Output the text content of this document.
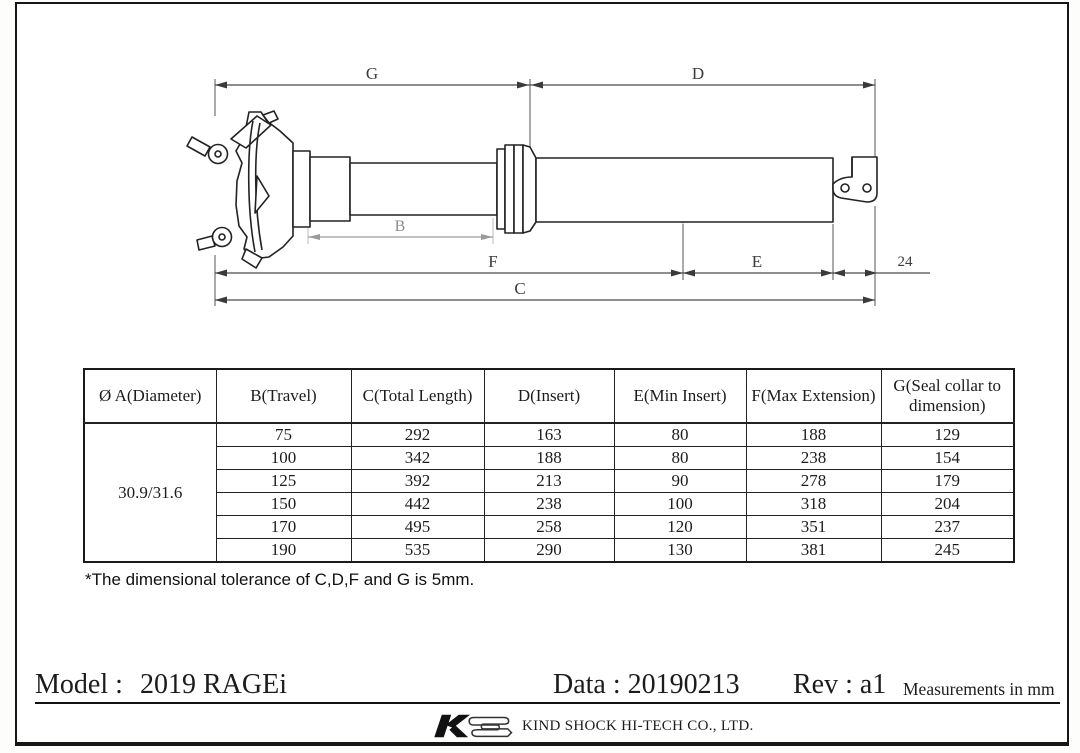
G	D
B
F	E	24
C
Ø A(Diameter)	B(Travel)	C(Total Length)	D(Insert)	E(Min Insert)	F(Max Extension)	G(Seal collar to dimension)
30.9/31.6	75	292	163	80	188	129
	100	342	188	80	238	154
	125	392	213	90	278	179
	150	442	238	100	318	204
	170	495	258	120	351	237
	190	535	290	130	381	245
*The dimensional tolerance of C,D,F and G is 5mm.
Model : 2019 RAGEi	Data : 20190213 Rev : a1 Measurements in mm
KIND SHOCK HI-TECH CO., LTD.
